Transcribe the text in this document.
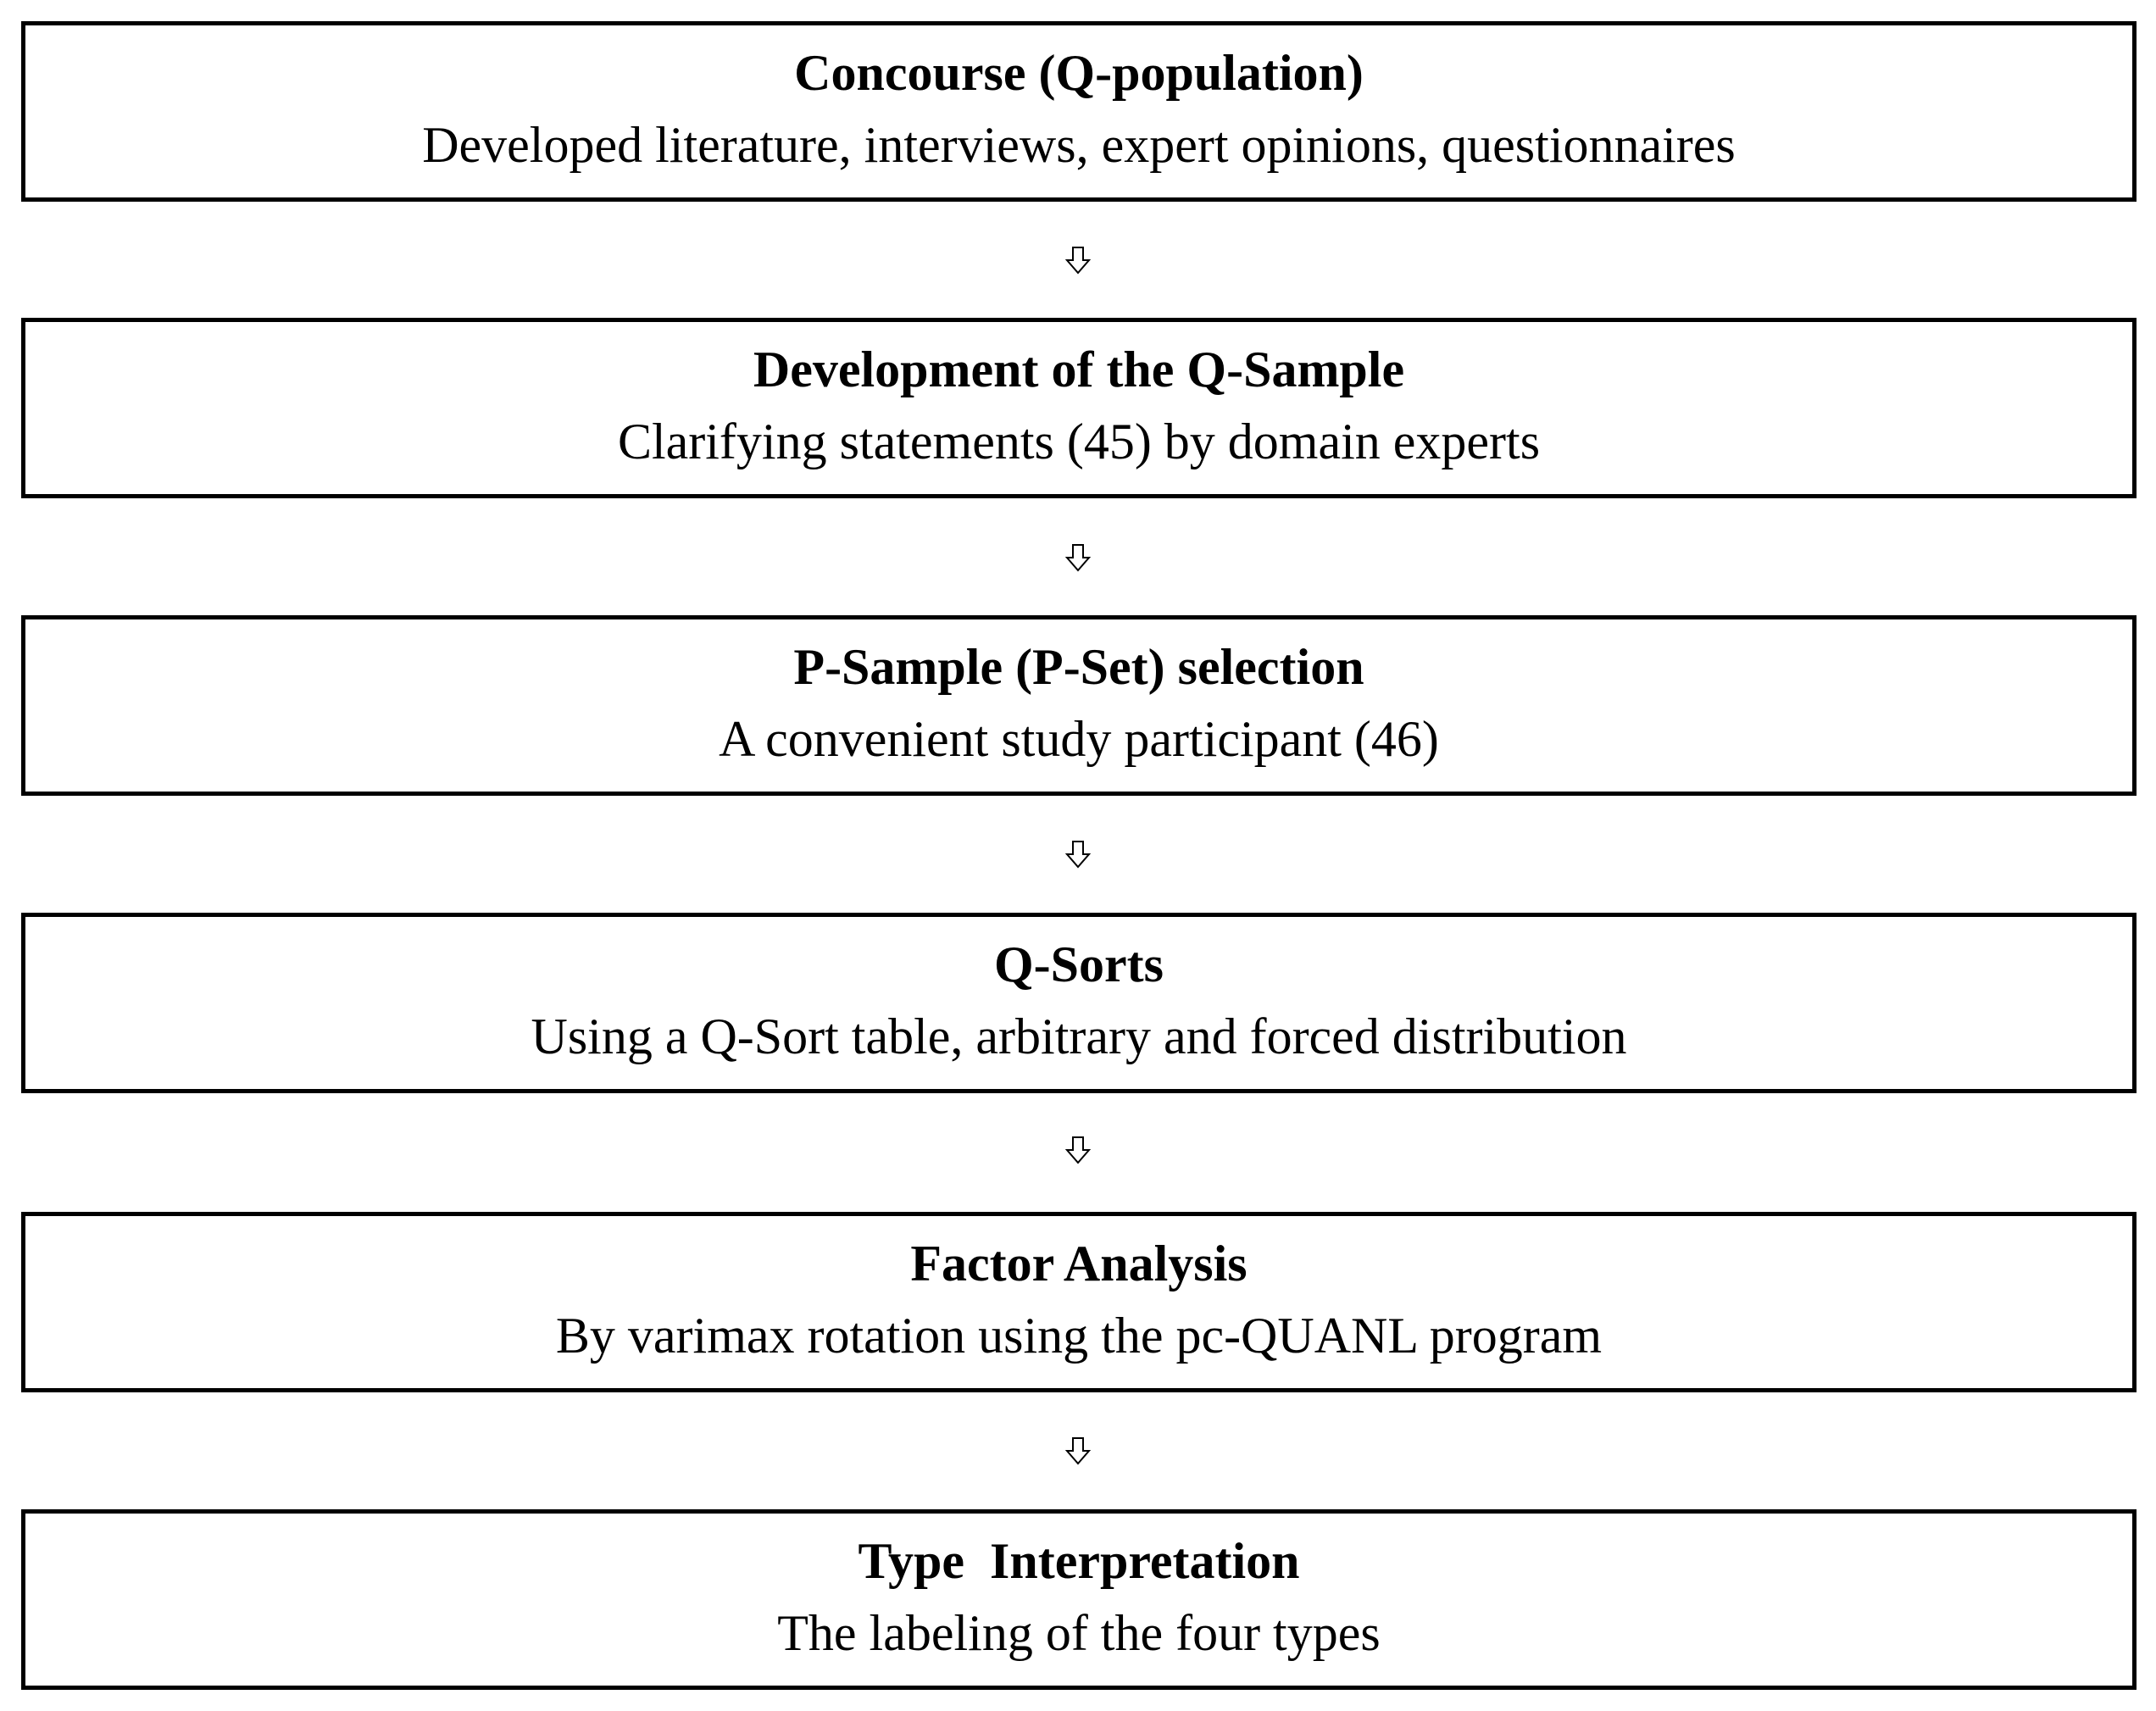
Concourse (Q-population)
Developed literature, interviews, expert opinions, questionnaires
Development of the Q-Sample
Clarifying statements (45) by domain experts
P-Sample (P-Set) selection
A convenient study participant (46)
Q-Sorts
Using a Q-Sort table, arbitrary and forced distribution
Factor Analysis
By varimax rotation using the pc-QUANL program
Type  Interpretation
The labeling of the four types
